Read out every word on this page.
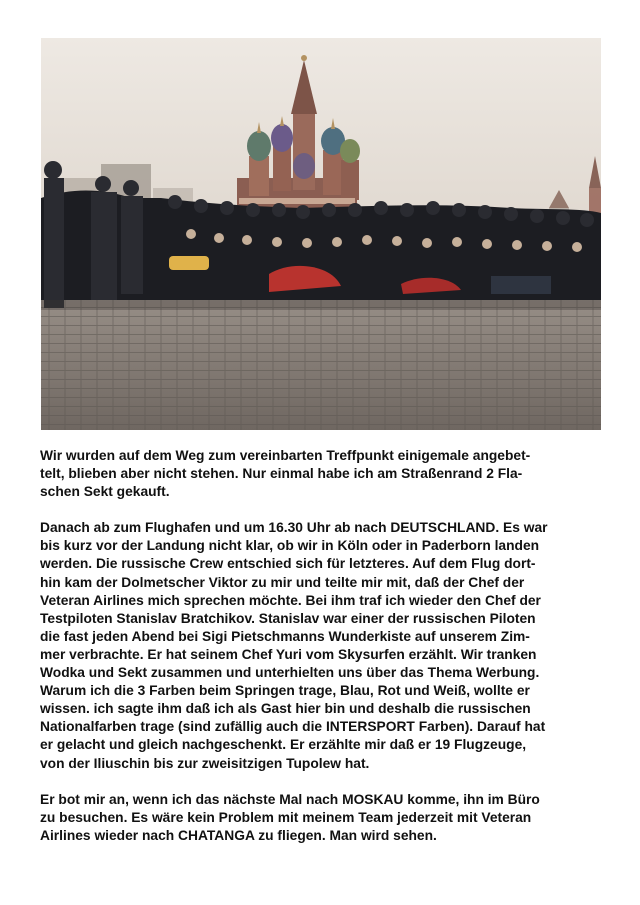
Wir wurden auf dem Weg zum vereinbarten Treffpunkt einigemale angebet-
telt, blieben aber nicht stehen. Nur einmal habe ich am Straßenrand 2 Fla-
schen Sekt gekauft.
Danach ab zum Flughafen und um 16.30 Uhr ab nach DEUTSCHLAND. Es war
bis kurz vor der Landung nicht klar, ob wir in Köln oder in Paderborn landen
werden. Die russische Crew entschied sich für letzteres. Auf dem Flug dort-
hin kam der Dolmetscher Viktor zu mir und teilte mir mit, daß der Chef der
Veteran Airlines mich sprechen möchte. Bei ihm traf ich wieder den Chef der
Testpiloten Stanislav Bratchikov. Stanislav war einer der russischen Piloten
die fast jeden Abend bei Sigi Pietschmanns Wunderkiste auf unserem Zim-
mer verbrachte. Er hat seinem Chef Yuri vom Skysurfen erzählt. Wir tranken
Wodka und Sekt zusammen und unterhielten uns über das Thema Werbung.
Warum ich die 3 Farben beim Springen trage, Blau, Rot und Weiß, wollte er
wissen. ich sagte ihm daß ich als Gast hier bin und deshalb die russischen
Nationalfarben trage (sind zufällig auch die INTERSPORT Farben). Darauf hat
er gelacht und gleich nachgeschenkt. Er erzählte mir daß er 19 Flugzeuge,
von der Iliuschin bis zur zweisitzigen Tupolew hat.
Er bot mir an, wenn ich das nächste Mal nach MOSKAU komme, ihn im Büro
zu besuchen. Es wäre kein Problem mit meinem Team jederzeit mit Veteran
Airlines wieder nach CHATANGA zu fliegen. Man wird sehen.
